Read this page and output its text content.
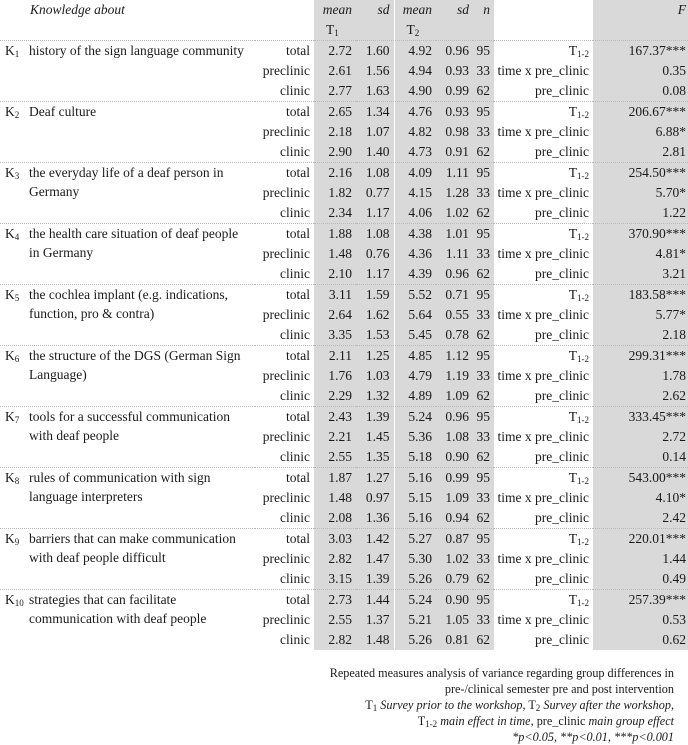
Knowledge about		mean	sd	mean	sd	n		F
		$T_1$		$T_2$				
$K_1$ history of the sign language community	total	2.72	1.60	4.92	0.96	95	$T_{1-2}$	167.37***
	preclinic	2.61	1.56	4.94	0.93	33	time x pre_clinic	0.35
	clinic	2.77	1.63	4.90	0.99	62	pre_clinic	0.08
$K_2$ Deaf culture	total	2.65	1.34	4.76	0.93	95	$T_{1-2}$	206.67***
	preclinic	2.18	1.07	4.82	0.98	33	time x pre_clinic	6.88*
	clinic	2.90	1.40	4.73	0.91	62	pre_clinic	2.81
$K_3$ the everyday life of a deaf person in Germany	total	2.16	1.08	4.09	1.11	95	$T_{1-2}$	254.50***
	preclinic	1.82	0.77	4.15	1.28	33	time x pre_clinic	5.70*
	clinic	2.34	1.17	4.06	1.02	62	pre_clinic	1.22
$K_4$ the health care situation of deaf people in Germany	total	1.88	1.08	4.38	1.01	95	$T_{1-2}$	370.90***
	preclinic	1.48	0.76	4.36	1.11	33	time x pre_clinic	4.81*
	clinic	2.10	1.17	4.39	0.96	62	pre_clinic	3.21
$K_5$ the cochlea implant (e.g. indications, function, pro & contra)	total	3.11	1.59	5.52	0.71	95	$T_{1-2}$	183.58***
	preclinic	2.64	1.62	5.64	0.55	33	time x pre_clinic	5.77*
	clinic	3.35	1.53	5.45	0.78	62	pre_clinic	2.18
$K_6$ the structure of the DGS (German Sign Language)	total	2.11	1.25	4.85	1.12	95	$T_{1-2}$	299.31***
	preclinic	1.76	1.03	4.79	1.19	33	time x pre_clinic	1.78
	clinic	2.29	1.32	4.89	1.09	62	pre_clinic	2.62
$K_7$ tools for a successful communication with deaf people	total	2.43	1.39	5.24	0.96	95	$T_{1-2}$	333.45***
	preclinic	2.21	1.45	5.36	1.08	33	time x pre_clinic	2.72
	clinic	2.55	1.35	5.18	0.90	62	pre_clinic	0.14
$K_8$ rules of communication with sign language interpreters	total	1.87	1.27	5.16	0.99	95	$T_{1-2}$	543.00***
	preclinic	1.48	0.97	5.15	1.09	33	time x pre_clinic	4.10*
	clinic	2.08	1.36	5.16	0.94	62	pre_clinic	2.42
$K_9$ barriers that can make communication with deaf people difficult	total	3.03	1.42	5.27	0.87	95	$T_{1-2}$	220.01***
	preclinic	2.82	1.47	5.30	1.02	33	time x pre_clinic	1.44
	clinic	3.15	1.39	5.26	0.79	62	pre_clinic	0.49
$K_{10}$ strategies that can facilitate communication with deaf people	total	2.73	1.44	5.24	0.90	95	$T_{1-2}$	257.39***
	preclinic	2.55	1.37	5.21	1.05	33	time x pre_clinic	0.53
	clinic	2.82	1.48	5.26	0.81	62	pre_clinic	0.62
Repeated measures analysis of variance regarding group differences in
pre-/clinical semester pre and post intervention
$T_1$ Survey prior to the workshop, $T_2$ Survey after the workshop,
$T_{1-2}$ main effect in time, pre_clinic main group effect
*p<0.05, **p<0.01, ***p<0.001
